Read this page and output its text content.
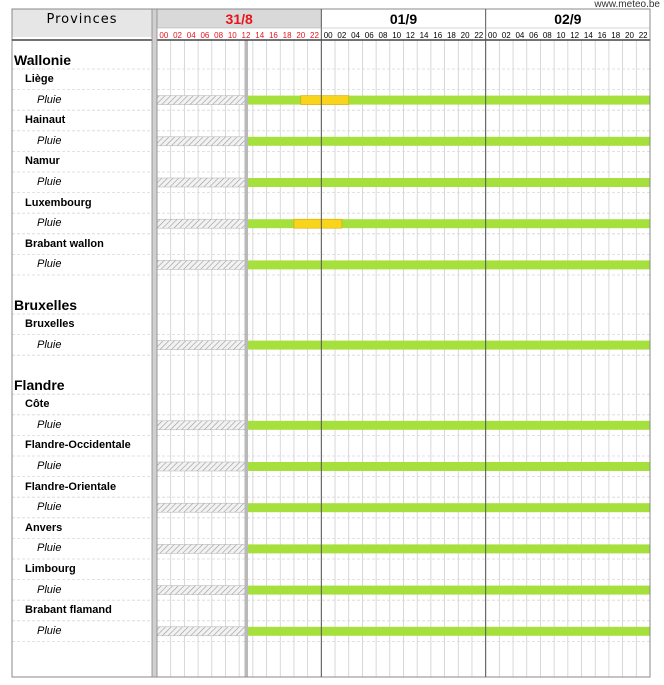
00 02 04 06 08 10 12 14 16 18 20 22 00 02 04 06 08 10 12 14 16 18 20 22 00 02 04 06 08 10 12 14 16 18 20 22
www.meteo.be
Provinces	31/8	01/9	02/9
Wallonie
Liège
Pluie
Hainaut
Pluie
Namur
Pluie
Luxembourg
Pluie
Brabant wallon
Pluie
Bruxelles
Bruxelles
Pluie
Flandre
Côte
Pluie
Flandre-Occidentale
Pluie
Flandre-Orientale
Pluie
Anvers
Pluie
Limbourg
Pluie
Brabant flamand
Pluie
